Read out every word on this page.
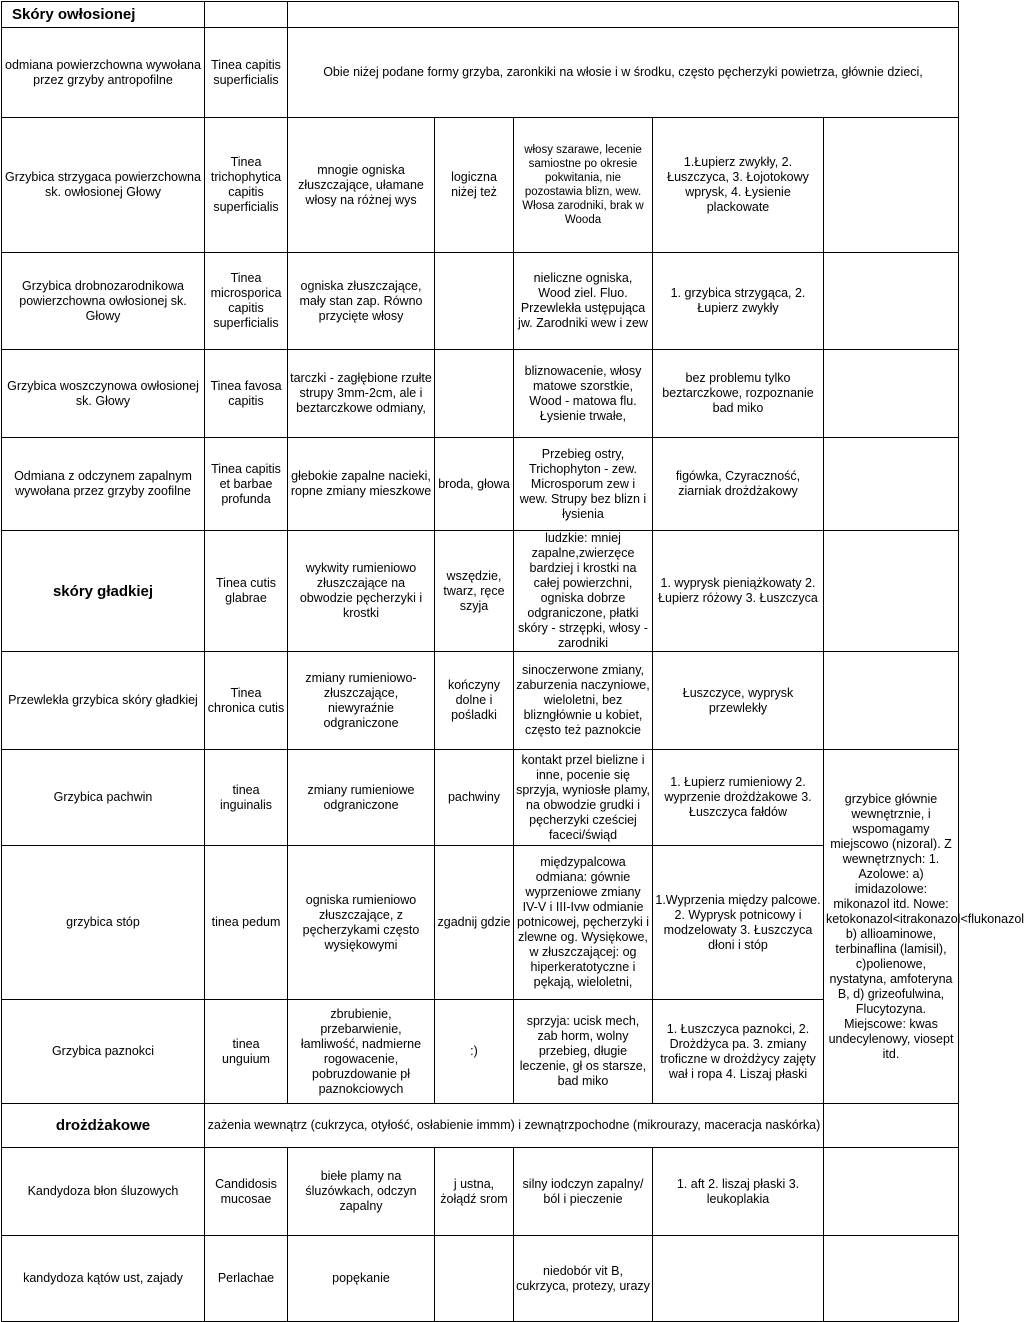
Skóry owłosionej						
odmiana powierzchowna wywołana przez grzyby antropofilne	Tinea capitis superficialis	Obie niżej podane formy grzyba, zaronkiki na włosie i w środku, często pęcherzyki powietrza, głównie dzieci,				
Grzybica strzygaca powierzchowna sk. owłosionej Głowy	Tinea trichophytica capitis superficialis	mnogie ogniska złuszczające, ułamane włosy na różnej wys	logiczna niżej też	włosy szarawe, lecenie samiostne po okresie pokwitania, nie pozostawia blizn, wew. Włosa zarodniki, brak w Wooda	1.Łupierz zwykły, 2. Łuszczyca, 3. Łojotokowy wprysk, 4. Łysienie plackowate	
Grzybica drobnozarodnikowa powierzchowna owłosionej sk. Głowy	Tinea microsporica capitis superficialis	ogniska złuszczające, mały stan zap. Równo przycięte włosy		nieliczne ogniska, Wood ziel. Fluo. Przewlekła ustępująca jw. Zarodniki wew i zew	1. grzybica strzygąca, 2. Łupierz zwykły	
Grzybica woszczynowa owłosionej sk. Głowy	Tinea favosa capitis	tarczki - zagłębione rzułte strupy 3mm-2cm, ale i beztarczkowe odmiany,		bliznowacenie, włosy matowe szorstkie, Wood - matowa flu. Łysienie trwałe,	bez problemu tylko beztarczkowe, rozpoznanie bad miko	
Odmiana z odczynem zapalnym wywołana przez grzyby zoofilne	Tinea capitis et barbae profunda	głebokie zapalne nacieki, ropne zmiany mieszkowe	broda, głowa	Przebieg ostry, Trichophyton - zew. Microsporum zew i wew. Strupy bez blizn i łysienia	figówka, Czyraczność, ziarniak drożdżakowy	
skóry gładkiej	Tinea cutis glabrae	wykwity rumieniowo złuszczające na obwodzie pęcherzyki i krostki	wszędzie, twarz, ręce szyja	ludzkie: mniej zapalne,zwierzęce bardziej i krostki na całej powierzchni, ogniska dobrze odgraniczone, płatki skóry - strzępki, włosy - zarodniki	1. wyprysk pieniążkowaty 2. Łupierz różowy 3. Łuszczyca	
Przewlekła grzybica skóry gładkiej	Tinea chronica cutis	zmiany rumieniowo-złuszczające, niewyraźnie odgraniczone	kończyny dolne i pośladki	sinoczerwone zmiany, zaburzenia naczyniowe, wieloletni, bez blizngłównie u kobiet, często też paznokcie	Łuszczyce, wyprysk przewlekły	
Grzybica pachwin	tinea inguinalis	zmiany rumieniowe odgraniczone	pachwiny	kontakt przel bielizne i inne, pocenie się sprzyja, wyniosłe plamy, na obwodzie grudki i pęcherzyki cześciej faceci/świąd	1. Łupierz rumieniowy 2. wyprzenie drożdżakowe 3. Łuszczyca fałdów	grzybice głównie wewnętrznie, i wspomagamy miejscowo (nizoral). Z wewnętrznych: 1. Azolowe: a) imidazolowe: mikonazol itd. Nowe: ketokonazol<itrakonazol<flukonazol b) allioaminowe, terbinaflina (lamisil), c)polienowe, nystatyna, amfoteryna B, d) grizeofulwina, Flucytozyna. Miejscowe: kwas undecylenowy, viosept itd.
grzybica stóp	tinea pedum	ogniska rumieniowo złuszczające, z pęcherzykami często wysiękowymi	zgadnij gdzie	międzypalcowa odmiana: gównie wyprzeniowe zmiany IV-V i III-Ivw odmianie potnicowej, pęcherzyki i zlewne og. Wysiękowe, w złuszczającej: og hiperkeratotyczne i pękają, wieloletni,	1.Wyprzenia między palcowe. 2. Wyprysk potnicowy i modzelowaty 3. Łuszczyca dłoni i stóp	
Grzybica paznokci	tinea unguium	zbrubienie, przebarwienie, łamliwość, nadmierne rogowacenie, pobruzdowanie pł paznokciowych	:)	sprzyja: ucisk mech, zab horm, wolny przebieg, długie leczenie, gł os starsze, bad miko	1. Łuszczyca paznokci, 2. Drożdżyca pa. 3. zmiany troficzne w drożdżycy zajęty wał i ropa 4. Liszaj płaski	
drożdżakowe	zażenia wewnątrz (cukrzyca, otyłość, osłabienie immm) i zewnątrzpochodne (mikrourazy, maceracja naskórka)					
Kandydoza błon śluzowych	Candidosis mucosae	biełe plamy na śluzówkach, odczyn zapalny	j ustna, żołądź srom	silny iodczyn zapalny/ ból i pieczenie	1. aft 2. liszaj płaski 3. leukoplakia	
kandydoza kątów ust, zajady	Perlachae	popękanie		niedobór vit B, cukrzyca, protezy, urazy		
